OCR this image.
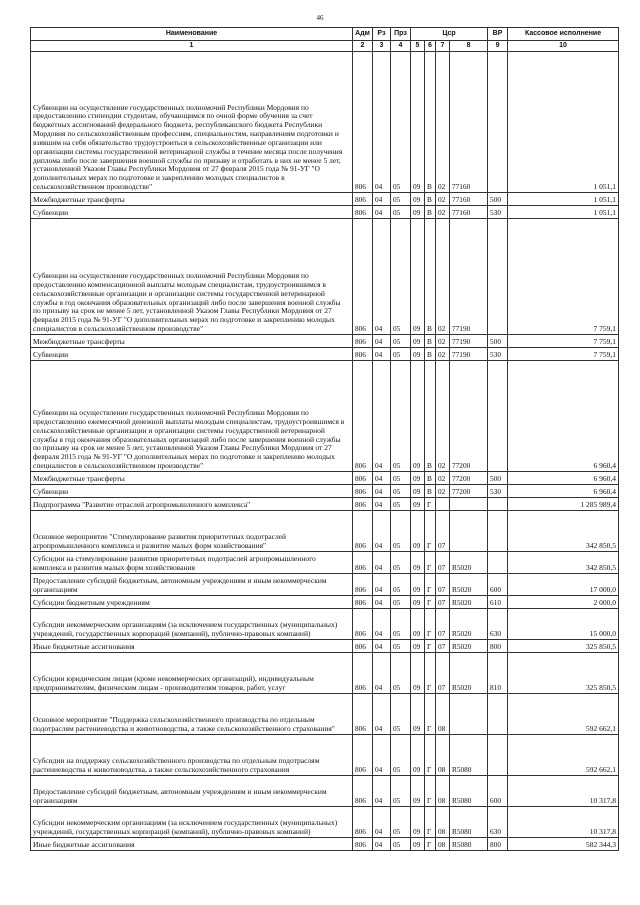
46
Наименование	Адм	Рз	Прз	Цср				ВР	Кассовое исполнение
1	2	3	4	5	6	7	8	9	10
Субвенции на осуществление государственных полномочий Республики Мордовия по предоставлению стипендии студентам, обучающимся по очной форме обучения за счет бюджетных ассигнований федерального бюджета, республиканского бюджета Республики Мордовия по сельскохозяйственным профессиям, специальностям, направлениям подготовки и взявшим на себя обязательство трудоустроиться в сельскохозяйственные организации или организации системы государственной ветеринарной службы в течение месяца после получения диплома либо после завершения военной службы по призыву и отработать в них не менее 5 лет, установленной Указом Главы Республики Мордовия от 27 февраля 2015 года № 91-УГ "О дополнительных мерах по подготовке и закреплению молодых специалистов в сельскохозяйственном производстве"	806	04	05	09	В	02	77160		1 051,1
Межбюджетные трансферты	806	04	05	09	В	02	77160	500	1 051,1
Субвенции	806	04	05	09	В	02	77160	530	1 051,1
Субвенции на осуществление государственных полномочий Республики Мордовия по предоставлению компенсационной выплаты молодым специалистам, трудоустроившимся в сельскохозяйственные организации и организации системы государственной ветеринарной службы в год окончания образовательных организаций либо после завершения военной службы по призыву на срок не менее 5 лет, установленной Указом Главы Республики Мордовия от 27 февраля 2015 года № 91-УГ "О дополнительных мерах по подготовке и закреплению молодых специалистов в сельскохозяйственном производстве"	806	04	05	09	В	02	77190		7 759,1
Межбюджетные трансферты	806	04	05	09	В	02	77190	500	7 759,1
Субвенции	806	04	05	09	В	02	77190	530	7 759,1
Субвенции на осуществление государственных полномочий Республики Мордовия по предоставлению ежемесячной денежной выплаты молодым специалистам, трудоустроившимся в сельскохозяйственные организации и организации системы государственной ветеринарной службы в год окончания образовательных организаций либо после завершения военной службы по призыву на срок не менее 5 лет, установленной Указом Главы Республики Мордовия от 27 февраля 2015 года № 91-УГ "О дополнительных мерах по подготовке и закреплению молодых специалистов в сельскохозяйственном производстве"	806	04	05	09	В	02	77200		6 960,4
Межбюджетные трансферты	806	04	05	09	В	02	77200	500	6 960,4
Субвенции	806	04	05	09	В	02	77200	530	6 960,4
Подпрограмма "Развитие отраслей агропромышленного комплекса"	806	04	05	09	Г				1 285 989,4
Основное мероприятие "Стимулирование развития приоритетных подотраслей агропромышленного комплекса и развитие малых форм хозяйствования"	806	04	05	09	Г	07			342 850,5
Субсидии на стимулирование развития приоритетных подотраслей агропромышленного комплекса и развития малых форм хозяйствования	806	04	05	09	Г	07	R5020		342 850,5
Предоставление субсидий бюджетным, автономным учреждениям и иным некоммерческим организациям	806	04	05	09	Г	07	R5020	600	17 000,0
Субсидии бюджетным учреждениям	806	04	05	09	Г	07	R5020	610	2 000,0
Субсидии некоммерческим организациям (за исключением государственных (муниципальных) учреждений, государственных корпораций (компаний), публично-правовых компаний)	806	04	05	09	Г	07	R5020	630	15 000,0
Иные бюджетные ассигнования	806	04	05	09	Г	07	R5020	800	325 850,5
Субсидии юридическим лицам (кроме некоммерческих организаций), индивидуальным предпринимателям, физическим лицам - производителям товаров, работ, услуг	806	04	05	09	Г	07	R5020	810	325 850,5
Основное мероприятие "Поддержка сельскохозяйственного производства по отдельным подотраслям растениеводства и животноводства, а также сельскохозяйственного страхования"	806	04	05	09	Г	08			592 662,1
Субсидии на поддержку сельскохозяйственного производства по отдельным подотраслям растениеводства и животноводства, а также сельскохозяйственного страхования	806	04	05	09	Г	08	R5080		592 662,1
Предоставление субсидий бюджетным, автономным учреждениям и иным некоммерческим организациям	806	04	05	09	Г	08	R5080	600	10 317,8
Субсидии некоммерческим организациям (за исключением государственных (муниципальных) учреждений, государственных корпораций (компаний), публично-правовых компаний)	806	04	05	09	Г	08	R5080	630	10 317,8
Иные бюджетные ассигнования	806	04	05	09	Г	08	R5080	800	582 344,3
